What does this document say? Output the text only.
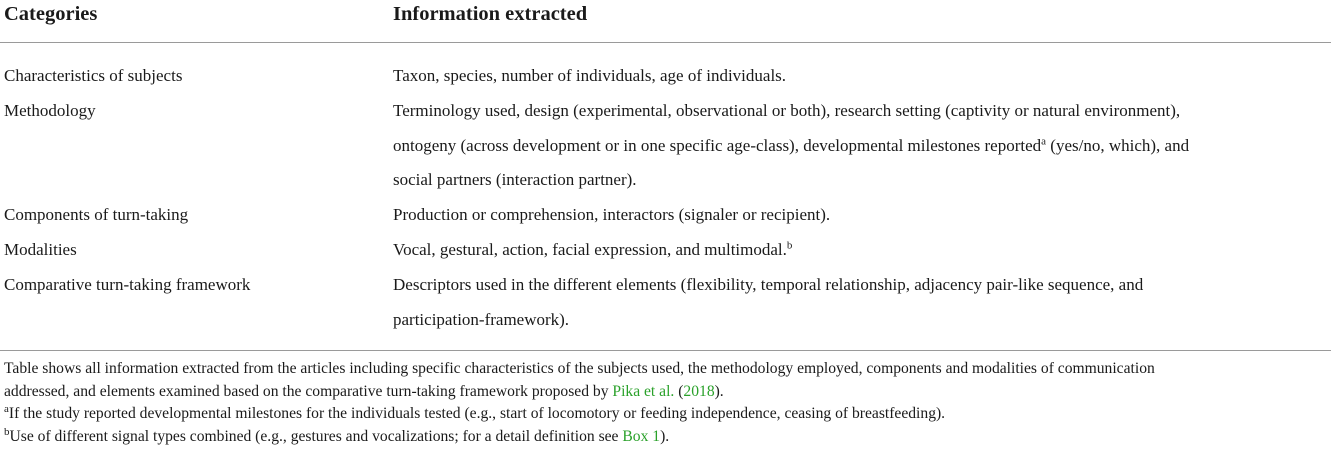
Categories	Information extracted
Characteristics of subjects	Taxon, species, number of individuals, age of individuals.
Methodology	Terminology used, design (experimental, observational or both), research setting (captivity or natural environment),
ontogeny (across development or in one specific age-class), developmental milestones reported$^a$ (yes/no, which), and
social partners (interaction partner).
Components of turn-taking	Production or comprehension, interactors (signaler or recipient).
Modalities	Vocal, gestural, action, facial expression, and multimodal.$^b$
Comparative turn-taking framework	Descriptors used in the different elements (flexibility, temporal relationship, adjacency pair-like sequence, and
participation-framework).
Table shows all information extracted from the articles including specific characteristics of the subjects used, the methodology employed, components and modalities of communication
addressed, and elements examined based on the comparative turn-taking framework proposed by Pika et al. (2018).
$^a$If the study reported developmental milestones for the individuals tested (e.g., start of locomotory or feeding independence, ceasing of breastfeeding).
$^b$Use of different signal types combined (e.g., gestures and vocalizations; for a detail definition see Box 1).
